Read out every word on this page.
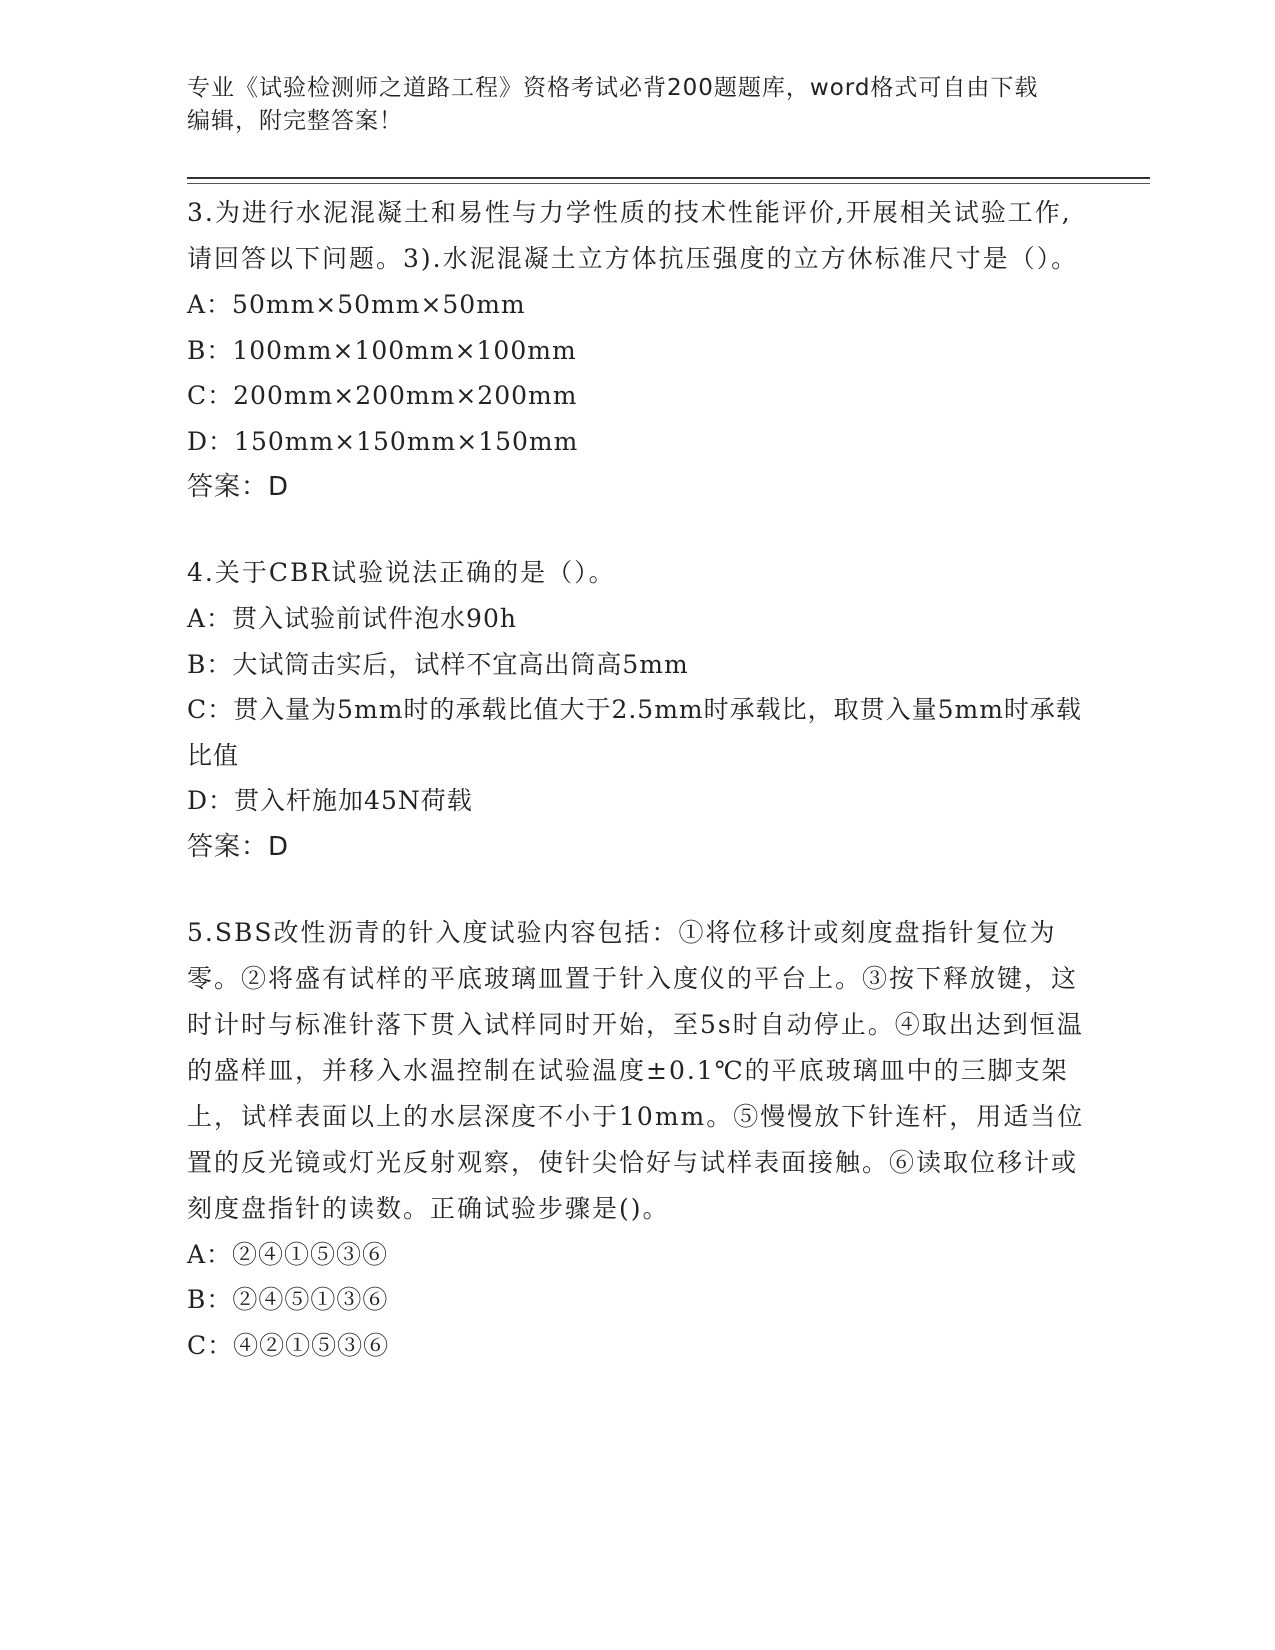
专业《试验检测师之道路工程》资格考试必背200题题库，word格式可自由下载
编辑，附完整答案！

3.为进行水泥混凝土和易性与力学性质的技术性能评价,开展相关试验工作,请回答以下问题。3).水泥混凝土立方体抗压强度的立方休标准尺寸是（）。

A：50mm×50mm×50mm

B：100mm×100mm×100mm

C：200mm×200mm×200mm

D：150mm×150mm×150mm

答案：D

4.关于CBR试验说法正确的是（）。

A：贯入试验前试件泡水90h

B：大试筒击实后，试样不宜高出筒高5mm

C：贯入量为5mm时的承载比值大于2.5mm时承载比，取贯入量5mm时承载比值

D：贯入杆施加45N荷载

答案：D

5.SBS改性沥青的针入度试验内容包括：①将位移计或刻度盘指针复位为零。②将盛有试样的平底玻璃皿置于针入度仪的平台上。③按下释放键，这时计时与标准针落下贯入试样同时开始，至5s时自动停止。④取出达到恒温的盛样皿，并移入水温控制在试验温度±0.1℃的平底玻璃皿中的三脚支架上，试样表面以上的水层深度不小于10mm。⑤慢慢放下针连杆，用适当位置的反光镜或灯光反射观察，使针尖恰好与试样表面接触。⑥读取位移计或刻度盘指针的读数。正确试验步骤是()。

A：②④①⑤③⑥

B：②④⑤①③⑥

C：④②①⑤③⑥
